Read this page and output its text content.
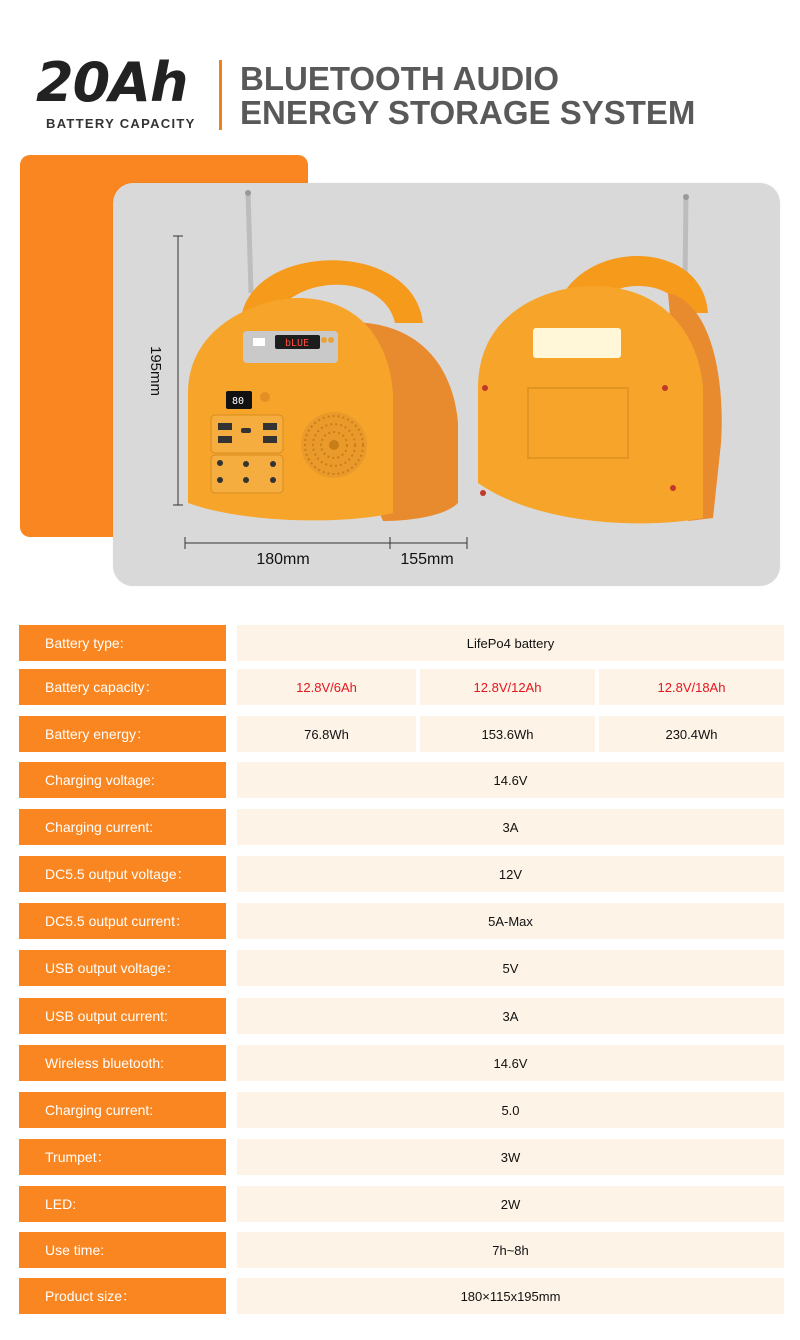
20Ah
BATTERY CAPACITY
BLUETOOTH AUDIO
ENERGY STORAGE SYSTEM
195mm
bLUE
80
180mm	155mm
Battery type:	LifePo4 battery
Battery capacity：	12.8V/6Ah	12.8V/12Ah	12.8V/18Ah
Battery energy：	76.8Wh	153.6Wh	230.4Wh
Charging voltage:	14.6V
Charging current:	3A
DC5.5 output voltage：	12V
DC5.5 output current：	5A-Max
USB output voltage：	5V
USB output current:	3A
Wireless bluetooth:	14.6V
Charging current:	5.0
Trumpet：	3W
LED:	2W
Use time:	7h~8h
Product size：	180×115x195mm
